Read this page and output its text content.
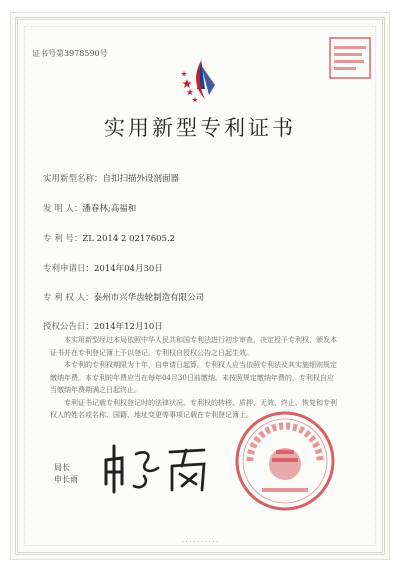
证书号第3978590号
实用新型专利证书
实用新型名称：自扣扫描外设剖面器
发 明 人：潘春林;高福和
专 利 号：ZL 2014 2 0217605.2
专利申请日：2014年04月30日
专 利 权 人：泰州市兴华齿轮制造有限公司
授权公告日：2014年12月10日

本实用新型经过本局依照中华人民共和国专利法进行初步审查，决定授予专利权，颁发本证书并在专利登记簿上予以登记。专利权自授权公告之日起生效。

本专利的专利权期限为十年，自申请日起算。专利权人应当依照专利法及其实施细则规定缴纳年费。本专利的年费应当在每年04月30日前缴纳。未按照规定缴纳年费的，专利权自应当缴纳年费期满之日起终止。

专利证书记载专利权登记时的法律状况。专利权的转移、质押、无效、终止、恢复和专利权人的姓名或名称、国籍、地址变更等事项记载在专利登记簿上。

局长
申长雨
· · · · · · · · · ·
